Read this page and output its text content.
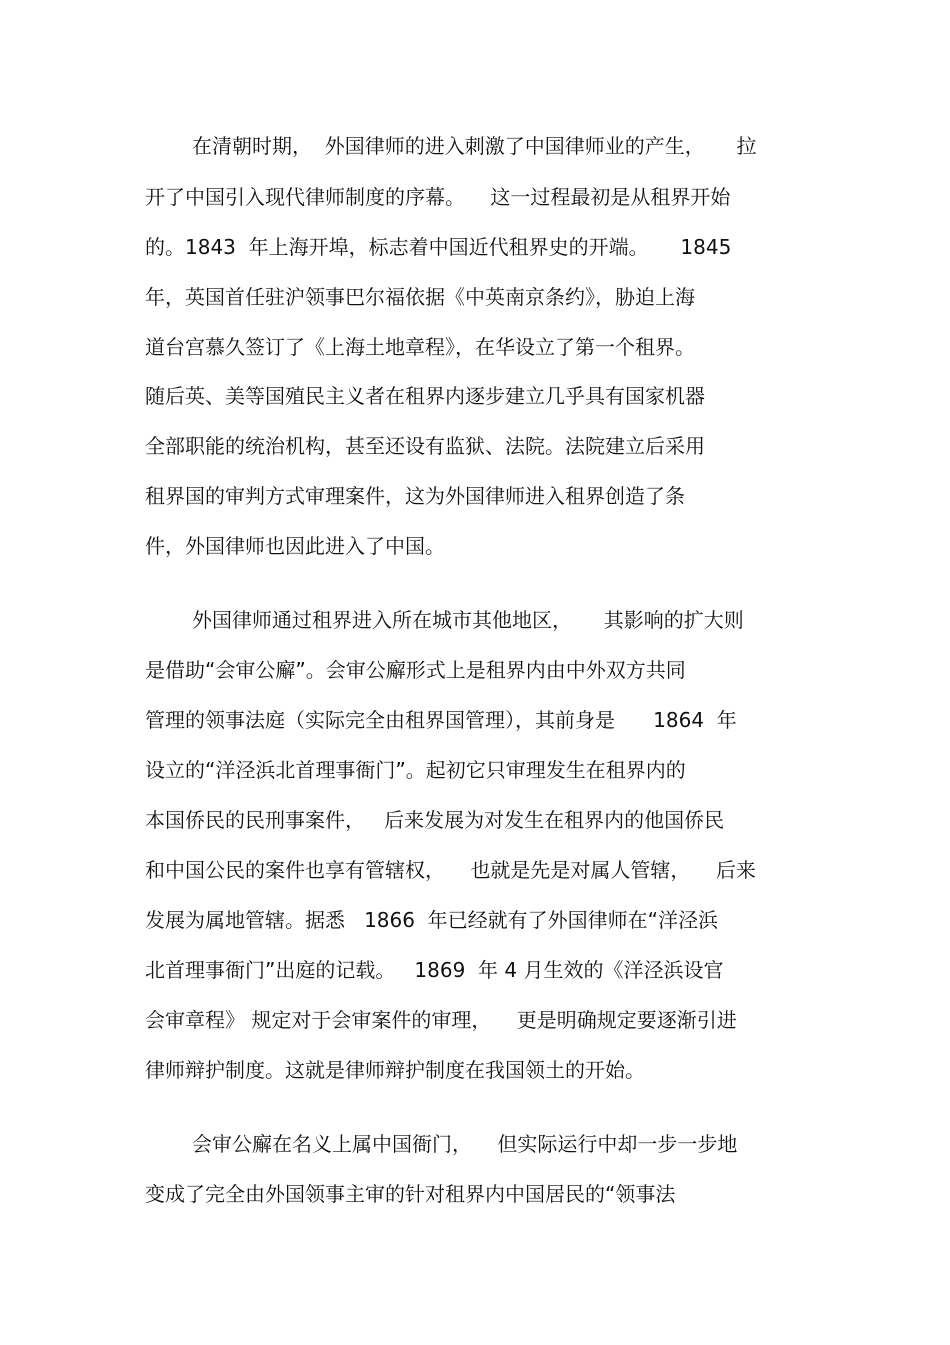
在清朝时期，  外国律师的进入刺激了中国律师业的产生，     拉
开了中国引入现代律师制度的序幕。    这一过程最初是从租界开始
的。1843  年上海开埠，标志着中国近代租界史的开端。     1845
年，英国首任驻沪领事巴尔福依据《中英南京条约》，胁迫上海
道台宫慕久签订了《上海土地章程》，在华设立了第一个租界。
随后英、美等国殖民主义者在租界内逐步建立几乎具有国家机器
全部职能的统治机构，甚至还设有监狱、法院。法院建立后采用
租界国的审判方式审理案件，这为外国律师进入租界创造了条
件，外国律师也因此进入了中国。
外国律师通过租界进入所在城市其他地区，     其影响的扩大则
是借助“会审公廨”。会审公廨形式上是租界内由中外双方共同
管理的领事法庭（实际完全由租界国管理），其前身是      1864  年
设立的“洋泾浜北首理事衙门”。起初它只审理发生在租界内的
本国侨民的民刑事案件，   后来发展为对发生在租界内的他国侨民
和中国公民的案件也享有管辖权，    也就是先是对属人管辖，    后来
发展为属地管辖。据悉   1866  年已经就有了外国律师在“洋泾浜
北首理事衙门”出庭的记载。   1869  年 4 月生效的《洋泾浜设官
会审章程》 规定对于会审案件的审理，    更是明确规定要逐渐引进
律师辩护制度。这就是律师辩护制度在我国领土的开始。
会审公廨在名义上属中国衙门，    但实际运行中却一步一步地
变成了完全由外国领事主审的针对租界内中国居民的“领事法
